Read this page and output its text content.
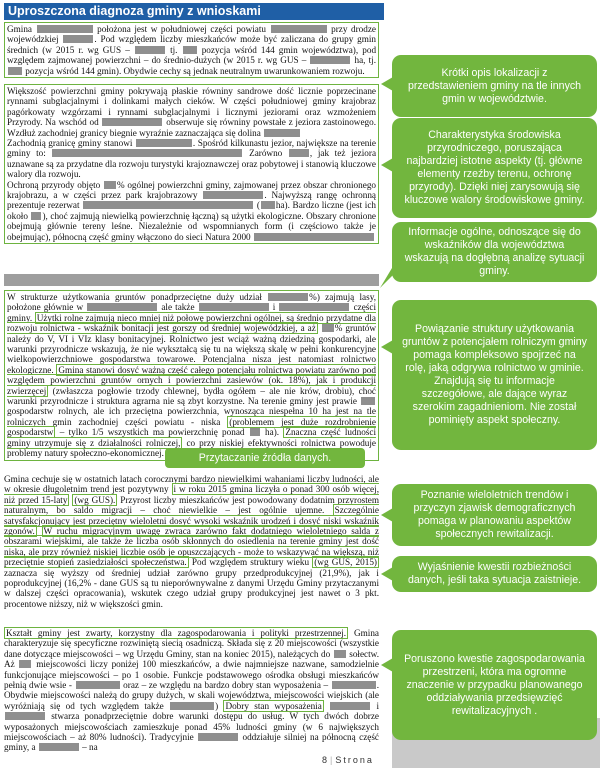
Uproszczona diagnoza gminy z wnioskami

Gmina	położona jest w południowej części powiatu	przy drodze wojewódzkiej	. Pod względem liczby mieszkańców może być zaliczana do grupy gmin średnich (w 2015 r. wg GUS –	tj.	pozycja wśród 144 gmin województwa), pod względem zajmowanej powierzchni – do średnio-dużych (w 2015 r. wg GUS –	ha, tj.  pozycja wśród 144 gmin). Obydwie cechy są jednak neutralnym uwarunkowaniem rozwoju.

Większość powierzchni gminy pokrywają płaskie równiny sandrowe dość licznie poprzecinane rynnami subglacjalnymi i dolinkami małych cieków. W części południowej gminy krajobraz pagórkowaty wzgórzami i rynnami subglacjalnymi i licznymi jeziorami oraz wzmożeniem Przyrody. Na wschód od	obserwuje się równiny powstałe z jeziora zastoinowego. Wzdłuż zachodniej granicy biegnie wyraźnie zaznaczająca się dolina
Zachodnią granicę gminy stanowi	. Spośród kilkunastu jezior, największe na terenie gminy to:	Zarówno	, jak też jeziora uznawane są za przydatne dla rozwoju turystyki krajoznawczej oraz pobytowej i stanowią kluczowe walory dla rozwoju.
Ochroną przyrody objęto % ogólnej powierzchni gminy, zajmowanej przez obszar chronionego krajobrazu, a w części przez park krajobrazowy	. Najwyższą rangę ochronną prezentuje rezerwat	( ha). Bardzo liczne (jest ich około ), choć zajmują niewielką powierzchnię łączną) są użytki ekologiczne. Obszary chronione obejmują głównie tereny leśne. Niezależnie od wspomnianych form (i częściowo także je obejmując), północną część gminy włączono do sieci Natura 2000

W strukturze użytkowania gruntów ponadprzeciętne duży udział	%) zajmują lasy, położone głównie w	ale także	i	części gminy. Użytki rolne zajmują nieco mniej niż połowę powierzchni ogólnej, są średnio przydatne dla rozwoju rolnictwa - wskaźnik bonitacji jest gorszy od średniej wojewódzkiej, a aż % gruntów należy do V, VI i VIz klasy bonitacyjnej. Rolnictwo jest wciąż ważną dziedziną gospodarki, ale warunki przyrodnicze wskazują, że nie wykształcą się tu na większą skalę w pełni konkurencyjne wielkopowierzchniowe gospodarstwa towarowe. Potencjalna nisza jest natomiast rolnictwo ekologiczne. Gmina stanowi dosyć ważną część całego potencjału rolnictwa powiatu zarówno pod względem powierzchni gruntów ornych i powierzchni zasiewów (ok. 18%), jak i produkcji zwierzęcej (zwłaszcza pogłowie trzody chlewnej, bydła ogółem – ale nie krów, drobiu), choć warunki przyrodnicze i struktura agrarna nie są zbyt korzystne. Na terenie gminy jest prawie  gospodarstw rolnych, ale ich przeciętna powierzchnia, wynosząca niespełna 10 ha jest na tle rolniczych gmin zachodniej części powiatu - niska (problemem jest duże rozdrobnienie gospodarstw – tylko 1/5 wszystkich ma powierzchnię ponad ha). Znaczna część ludności gminy utrzymuje się z działalności rolniczej, co przy niskiej efektywności rolnictwa powoduje problemy natury społeczno-ekonomicznej.

Gmina cechuje się w ostatnich latach corocznymi bardzo niewielkimi wahaniami liczby ludności, ale w okresie długoletnim trend jest pozytywny i w roku 2015 gmina liczyła o ponad 300 osób więcej, niż przed 15-laty (wg GUS). Przyrost liczby mieszkańców jest powodowany dodatnim przyrostem naturalnym, bo saldo migracji – choć niewielkie – jest ogólnie ujemne. Szczególnie satysfakcjonujący jest przeciętny wieloletni dosyć wysoki wskaźnik urodzeń i dosyć niski wskaźnik zgonów. W ruchu migracyjnym uwagę zwraca zarówno fakt dodatniego wieloletniego salda z obszarami wiejskimi, ale także że liczba osób skłonnych do osiedlenia na terenie gminy jest dość niska, ale przy również niskiej liczbie osób je opuszczających - może to wskazywać na większą, niż przeciętnie stopień zasiedziałości społeczeństwa. Pod względem struktury wieku (wg GUS, 2015) zaznacza się wyższy od średniej udział zarówno grupy przedprodukcyjnej (21,9%), jak i poprodukcyjnej (16,2% - dane GUS są tu nieporównywalne z danymi Urzędu Gminy przytaczanymi w dalszej części opracowania), wskutek czego udział grupy produkcyjnej jest nawet o 3 pkt. procentowe niższy, niż w większości gmin.

Kształt gminy jest zwarty, korzystny dla zagospodarowania i polityki przestrzennej. Gmina charakteryzuje się specyficzne rozwiniętą siecią osadniczą. Składa się z 20 miejscowości (wszystkie dane dotyczące miejscowości – wg Urzędu Gminy, stan na koniec 2015), należących do sołectw. Aż miejscowości liczy poniżej 100 mieszkańców, a dwie najmniejsze nazwane, samodzielnie funkcjonujące miejscowości – po 1 osobie. Funkcje podstawowego ośrodka obsługi mieszkańców pełnią dwie wsie -	oraz – ze względu na bardzo dobry stan wyposażenia –	. Obydwie miejscowości należą do grupy dużych, w skali województwa, miejscowości wiejskich (ale wyróżniają się od tych względem także	) Dobry stan wyposażenia	i  stwarza ponadprzeciętnie dobre warunki dostępu do usług. W tych dwóch dobrze wyposażonych miejscowościach zamieszkuje ponad 45% ludności gminy (w 6 największych miejscowościach – aż 80% ludności). Tradycyjnie	oddziałuje silniej na północną część gminy, a	– na

Krótki opis lokalizacji z przedstawieniem gminy na tle innych gmin w województwie.
Charakterystyka środowiska przyrodniczego, poruszająca najbardziej istotne aspekty (tj. główne elementy rzeźby terenu, ochronę przyrody). Dzięki niej zarysowują się kluczowe walory środowiskowe gminy.
Informacje ogólne, odnoszące się do wskaźników dla województwa wskazują na dogłębną analizę sytuacji gminy.
Powiązanie struktury użytkowania gruntów z potencjałem rolniczym gminy pomaga kompleksowo spojrzeć na rolę, jaką odgrywa rolnictwo w gminie. Znajdują się tu informacje szczegółowe, ale dające wyraz szerokim zagadnieniom. Nie został pominięty aspekt społeczny.
Przytaczanie źródła danych.
Poznanie wieloletnich trendów i przyczyn zjawisk demograficznych pomaga w planowaniu aspektów społecznych rewitalizacji.
Wyjaśnienie kwestii rozbieżności danych, jeśli taka sytuacja zaistnieje.
Poruszono kwestie zagospodarowania przestrzeni, która ma ogromne znaczenie w przypadku planowanego oddziaływania przedsięwzięć rewitalizacyjnych .
8 | Strona
